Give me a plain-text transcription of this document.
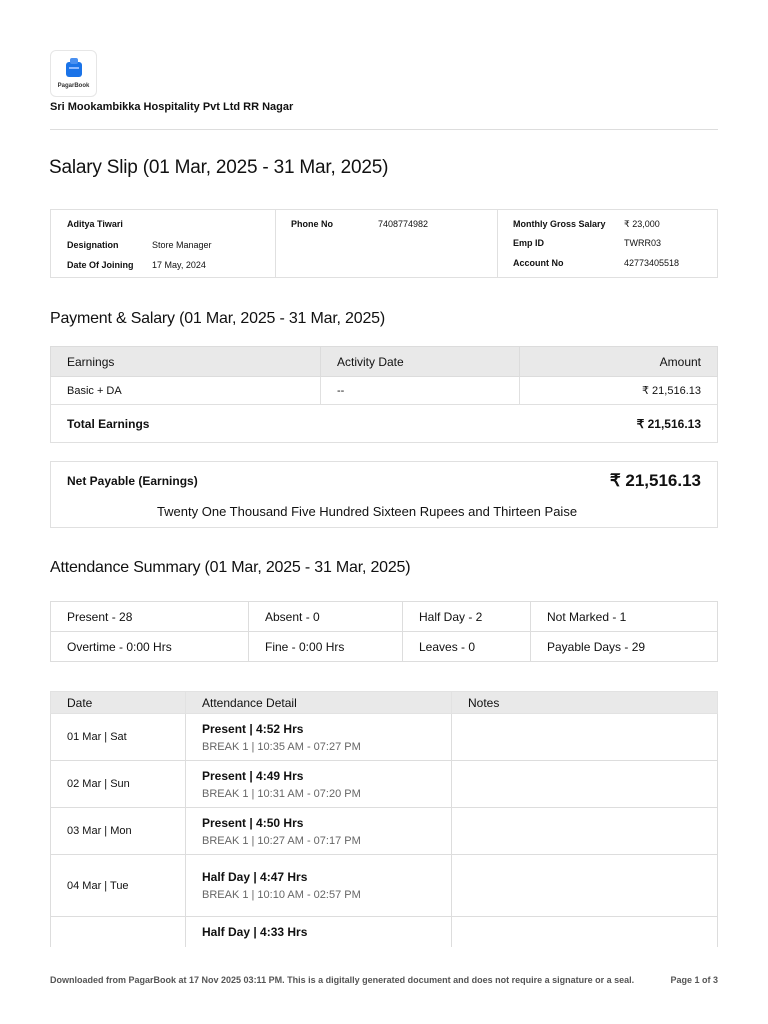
PagarBook
Sri Mookambikka Hospitality Pvt Ltd RR Nagar
Salary Slip (01 Mar, 2025 - 31 Mar, 2025)
Aditya Tiwari
Designation	Store Manager
Date Of Joining 17 May, 2024
Phone No	7408774982	Monthly Gross Salary ₹ 23,000
Emp ID	TWRR03
Account No	42773405518
Payment & Salary (01 Mar, 2025 - 31 Mar, 2025)
Earnings	Activity Date	Amount
Basic + DA	--	₹ 21,516.13
Total Earnings		₹ 21,516.13
Net Payable (Earnings)	₹ 21,516.13
Twenty One Thousand Five Hundred Sixteen Rupees and Thirteen Paise
Attendance Summary (01 Mar, 2025 - 31 Mar, 2025)
Present - 28	Absent - 0	Half Day - 2	Not Marked - 1
Overtime - 0:00 Hrs	Fine - 0:00 Hrs	Leaves - 0	Payable Days - 29
Date	Attendance Detail	Notes
01 Mar | Sat	Present | 4:52 Hrs
BREAK 1 | 10:35 AM - 07:27 PM	

02 Mar | Sun	Present | 4:49 Hrs
BREAK 1 | 10:31 AM - 07:20 PM	

03 Mar | Mon	Present | 4:50 Hrs
BREAK 1 | 10:27 AM - 07:17 PM	

04 Mar | Tue	Half Day | 4:47 Hrs
BREAK 1 | 10:10 AM - 02:57 PM	

	Half Day | 4:33 Hrs	

Downloaded from PagarBook at 17 Nov 2025 03:11 PM. This is a digitally generated document and does not require a signature or a seal.	Page 1 of 3
